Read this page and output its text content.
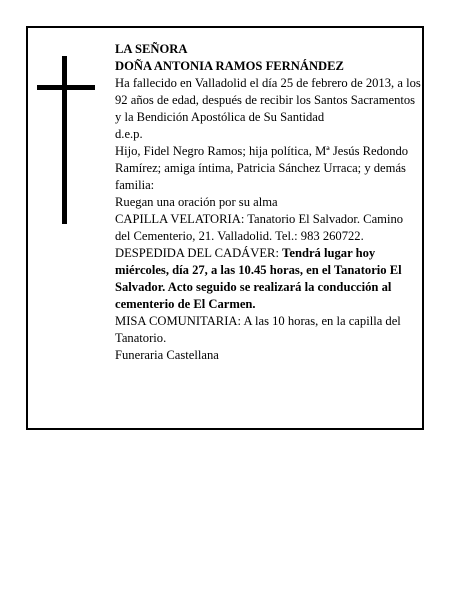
LA SEÑORA

DOÑA ANTONIA RAMOS FERNÁNDEZ

Ha fallecido en Valladolid el día 25 de febrero de 2013, a los 92 años de edad, después de recibir los Santos Sacramentos y la Bendición Apostólica de Su Santidad

d.e.p.

Hijo, Fidel Negro Ramos; hija política, Mª Jesús Redondo Ramírez; amiga íntima, Patricia Sánchez Urraca; y demás familia:

Ruegan una oración por su alma

CAPILLA VELATORIA: Tanatorio El Salvador. Camino del Cementerio, 21. Valladolid. Tel.: 983 260722.

DESPEDIDA DEL CADÁVER: Tendrá lugar hoy miércoles, día 27, a las 10.45 horas, en el Tanatorio El Salvador. Acto seguido se realizará la conducción al cementerio de El Carmen.

MISA COMUNITARIA: A las 10 horas, en la capilla del Tanatorio.

Funeraria Castellana
